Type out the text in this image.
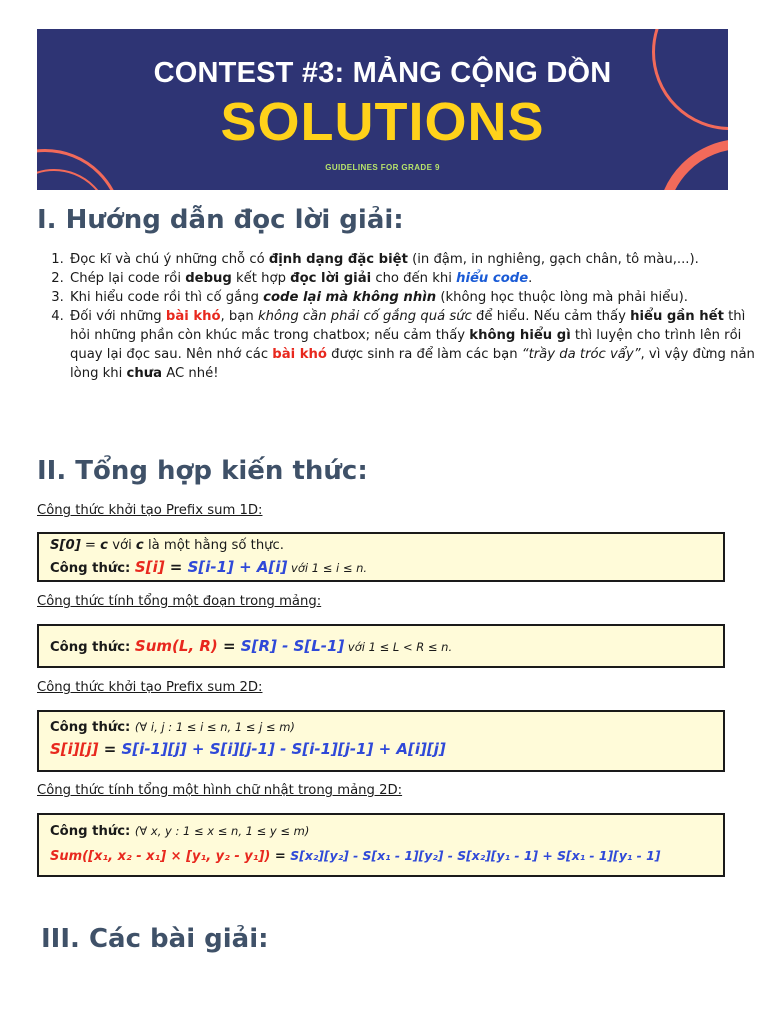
CONTEST #3: MẢNG CỘNG DỒN
SOLUTIONS
GUIDELINES FOR GRADE 9
I. Hướng dẫn đọc lời giải:
1. Đọc kĩ và chú ý những chỗ có định dạng đặc biệt (in đậm, in nghiêng, gạch chân, tô màu,...).
2. Chép lại code rồi debug kết hợp đọc lời giải cho đến khi hiểu code.
3. Khi hiểu code rồi thì cố gắng code lại mà không nhìn (không học thuộc lòng mà phải hiểu).
4. Đối với những bài khó, bạn không cần phải cố gắng quá sức để hiểu. Nếu cảm thấy hiểu gần hết thì hỏi những phần còn khúc mắc trong chatbox; nếu cảm thấy không hiểu gì thì luyện cho trình lên rồi quay lại đọc sau. Nên nhớ các bài khó được sinh ra để làm các bạn “trầy da tróc vẩy”, vì vậy đừng nản lòng khi chưa AC nhé!
II. Tổng hợp kiến thức:
Công thức khởi tạo Prefix sum 1D:
S[0] = c với c là một hằng số thực.
Công thức: S[i] = S[i-1] + A[i] với 1 ≤ i ≤ n.
Công thức tính tổng một đoạn trong mảng:
Công thức: Sum(L, R) = S[R] - S[L-1] với 1 ≤ L < R ≤ n.
Công thức khởi tạo Prefix sum 2D:
Công thức: (∀ i, j : 1 ≤ i ≤ n, 1 ≤ j ≤ m)
S[i][j] = S[i-1][j] + S[i][j-1] - S[i-1][j-1] + A[i][j]
Công thức tính tổng một hình chữ nhật trong mảng 2D:
Công thức: (∀ x, y : 1 ≤ x ≤ n, 1 ≤ y ≤ m)
Sum([x₁, x₂ - x₁] × [y₁, y₂ - y₁]) = S[x₂][y₂] - S[x₁ - 1][y₂] - S[x₂][y₁ - 1] + S[x₁ - 1][y₁ - 1]
III. Các bài giải:
